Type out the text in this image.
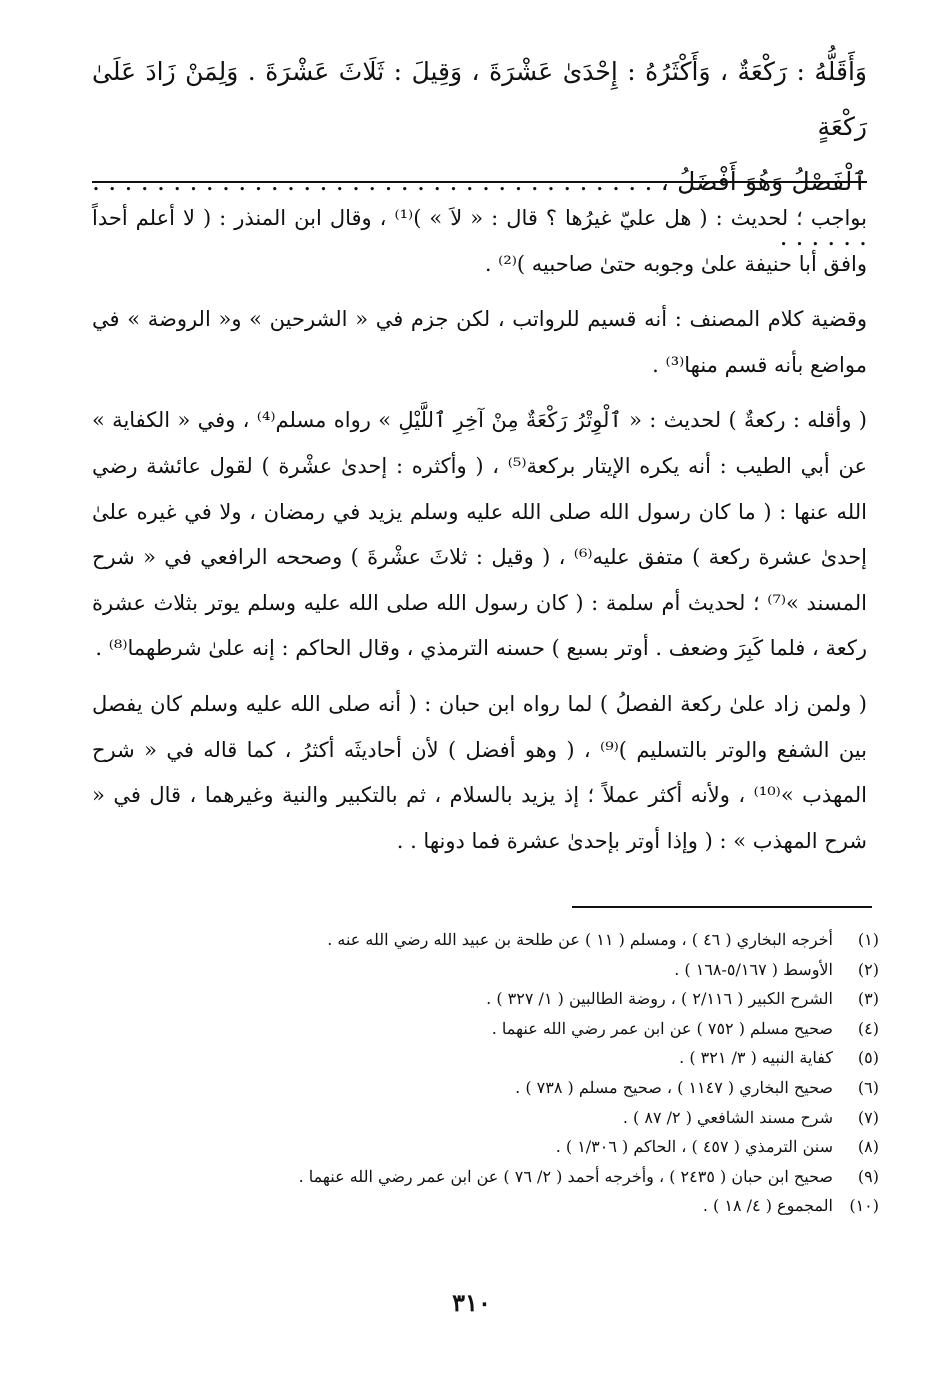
وَأَقَلُّهُ : رَكْعَةٌ ، وَأَكْثَرُهُ : إِحْدَىٰ عَشْرَةَ ، وَقِيلَ : ثَلَاثَ عَشْرَةَ . وَلِمَنْ زَادَ عَلَىٰ رَكْعَةٍ

ٱلْفَصْلُ وَهُوَ أَفْضَلُ ، . . . . . . . . . . . . . . . . . . . . . . . . . . . . . . . . . . . . . . . . .

بواجب ؛ لحديث : ( هل عليّ غيرُها ؟ قال : « لاَ » )⁽¹⁾ ، وقال ابن المنذر : ( لا أعلم أحداً وافق أبا حنيفة علىٰ وجوبه حتىٰ صاحبيه )⁽²⁾ .

وقضية كلام المصنف : أنه قسيم للرواتب ، لكن جزم في « الشرحين » و« الروضة » في مواضع بأنه قسم منها⁽³⁾ .

( وأقله : ركعةٌ ) لحديث : « ٱلْوِتْرُ رَكْعَةٌ مِنْ آخِرِ ٱللَّيْلِ » رواه مسلم⁽⁴⁾ ، وفي « الكفاية » عن أبي الطيب : أنه يكره الإيتار بركعة⁽⁵⁾ ، ( وأكثره : إحدىٰ عشْرة ) لقول عائشة رضي الله عنها : ( ما كان رسول الله صلى الله عليه وسلم يزيد في رمضان ، ولا في غيره علىٰ إحدىٰ عشرة ركعة ) متفق عليه⁽⁶⁾ ، ( وقيل : ثلاثَ عشْرةَ ) وصححه الرافعي في « شرح المسند »⁽⁷⁾ ؛ لحديث أم سلمة : ( كان رسول الله صلى الله عليه وسلم يوتر بثلاث عشرة ركعة ، فلما كَبِرَ وضعف . أوتر بسبع ) حسنه الترمذي ، وقال الحاكم : إنه علىٰ شرطهما⁽⁸⁾ .

( ولمن زاد علىٰ ركعة الفصلُ ) لما رواه ابن حبان : ( أنه صلى الله عليه وسلم كان يفصل بين الشفع والوتر بالتسليم )⁽⁹⁾ ، ( وهو أفضل ) لأن أحاديثَه أكثرُ ، كما قاله في « شرح المهذب »⁽¹⁰⁾ ، ولأنه أكثر عملاً ؛ إذ يزيد بالسلام ، ثم بالتكبير والنية وغيرهما ، قال في « شرح المهذب » : ( وإذا أوتر بإحدىٰ عشرة فما دونها . .

(١)
أخرجه البخاري ( ٤٦ ) ، ومسلم ( ١١ ) عن طلحة بن عبيد الله رضي الله عنه .
(٢)
الأوسط ( ٥/١٦٧-١٦٨ ) .
(٣)
الشرح الكبير ( ٢/١١٦ ) ، روضة الطالبين ( ١/ ٣٢٧ ) .
(٤)
صحيح مسلم ( ٧٥٢ ) عن ابن عمر رضي الله عنهما .
(٥)
كفاية النبيه ( ٣/ ٣٢١ ) .
(٦)
صحيح البخاري ( ١١٤٧ ) ، صحيح مسلم ( ٧٣٨ ) .
(٧)
شرح مسند الشافعي ( ٢/ ٨٧ ) .
(٨)
سنن الترمذي ( ٤٥٧ ) ، الحاكم ( ١/٣٠٦ ) .
(٩)
صحيح ابن حبان ( ٢٤٣٥ ) ، وأخرجه أحمد ( ٢/ ٧٦ ) عن ابن عمر رضي الله عنهما .
(١٠)
المجموع ( ٤/ ١٨ ) .
٣١٠
